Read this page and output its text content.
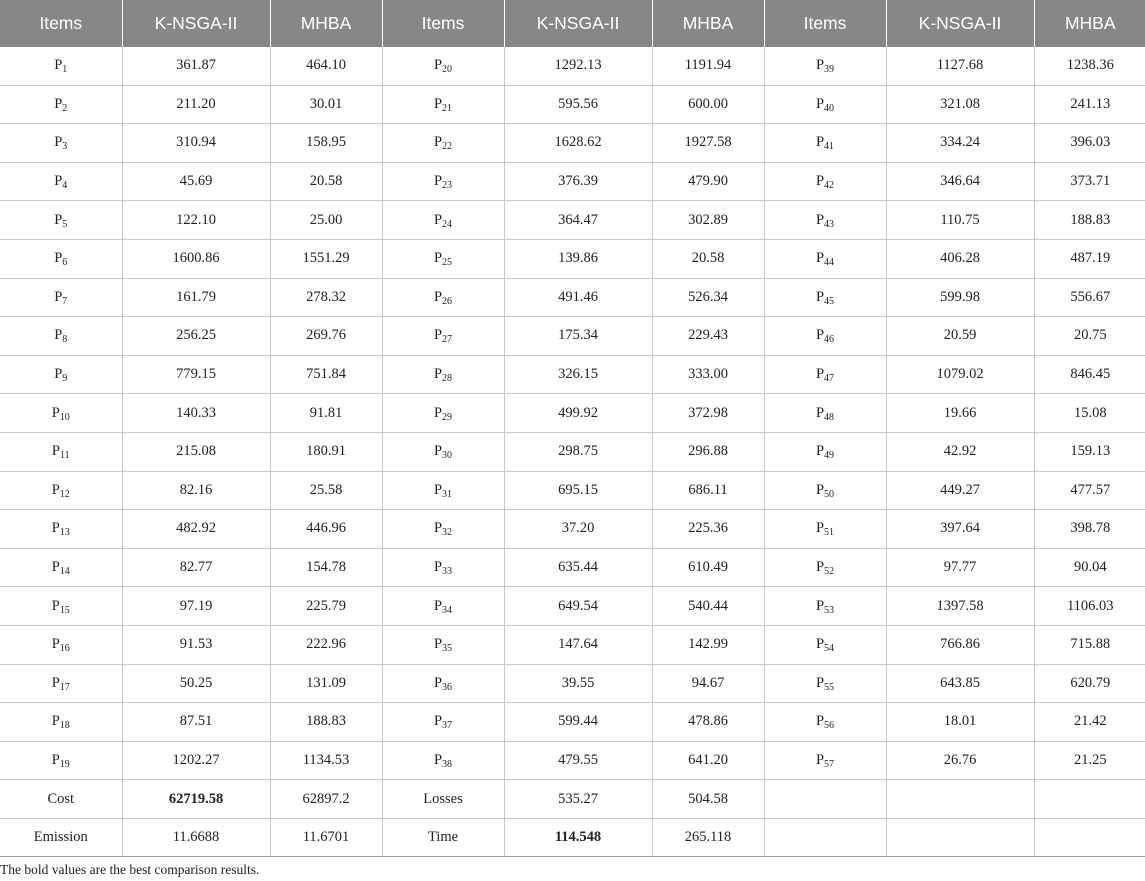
Items	K-NSGA-II	MHBA	Items	K-NSGA-II	MHBA	Items	K-NSGA-II	MHBA
$P_1$	361.87	464.10	$P_{20}$	1292.13	1191.94	$P_{39}$	1127.68	1238.36
$P_2$	211.20	30.01	$P_{21}$	595.56	600.00	$P_{40}$	321.08	241.13
$P_3$	310.94	158.95	$P_{22}$	1628.62	1927.58	$P_{41}$	334.24	396.03
$P_4$	45.69	20.58	$P_{23}$	376.39	479.90	$P_{42}$	346.64	373.71
$P_5$	122.10	25.00	$P_{24}$	364.47	302.89	$P_{43}$	110.75	188.83
$P_6$	1600.86	1551.29	$P_{25}$	139.86	20.58	$P_{44}$	406.28	487.19
$P_7$	161.79	278.32	$P_{26}$	491.46	526.34	$P_{45}$	599.98	556.67
$P_8$	256.25	269.76	$P_{27}$	175.34	229.43	$P_{46}$	20.59	20.75
$P_9$	779.15	751.84	$P_{28}$	326.15	333.00	$P_{47}$	1079.02	846.45
$P_{10}$	140.33	91.81	$P_{29}$	499.92	372.98	$P_{48}$	19.66	15.08
$P_{11}$	215.08	180.91	$P_{30}$	298.75	296.88	$P_{49}$	42.92	159.13
$P_{12}$	82.16	25.58	$P_{31}$	695.15	686.11	$P_{50}$	449.27	477.57
$P_{13}$	482.92	446.96	$P_{32}$	37.20	225.36	$P_{51}$	397.64	398.78
$P_{14}$	82.77	154.78	$P_{33}$	635.44	610.49	$P_{52}$	97.77	90.04
$P_{15}$	97.19	225.79	$P_{34}$	649.54	540.44	$P_{53}$	1397.58	1106.03
$P_{16}$	91.53	222.96	$P_{35}$	147.64	142.99	$P_{54}$	766.86	715.88
$P_{17}$	50.25	131.09	$P_{36}$	39.55	94.67	$P_{55}$	643.85	620.79
$P_{18}$	87.51	188.83	$P_{37}$	599.44	478.86	$P_{56}$	18.01	21.42
$P_{19}$	1202.27	1134.53	$P_{38}$	479.55	641.20	$P_{57}$	26.76	21.25
Cost	62719.58	62897.2	Losses	535.27	504.58			
Emission	11.6688	11.6701	Time	114.548	265.118			
The bold values are the best comparison results.
